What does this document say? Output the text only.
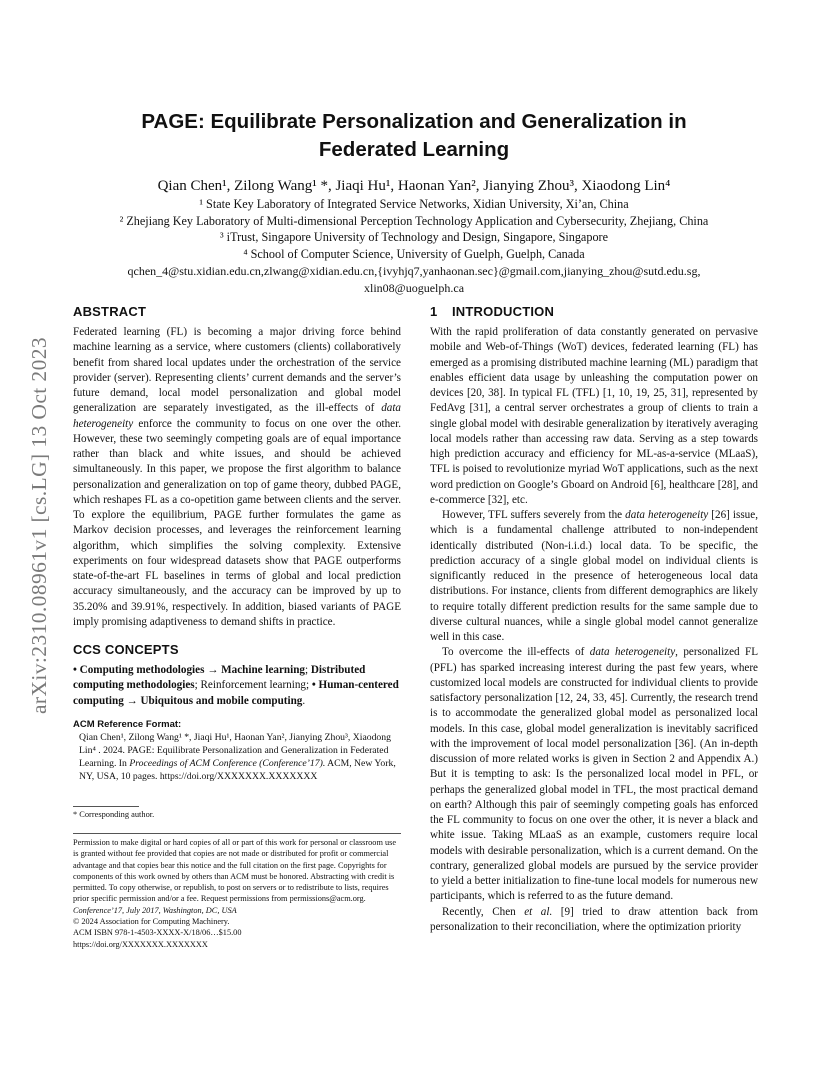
arXiv:2310.08961v1 [cs.LG] 13 Oct 2023
PAGE: Equilibrate Personalization and Generalization in
Federated Learning
Qian Chen¹, Zilong Wang¹ *, Jiaqi Hu¹, Haonan Yan², Jianying Zhou³, Xiaodong Lin⁴
¹ State Key Laboratory of Integrated Service Networks, Xidian University, Xi’an, China
² Zhejiang Key Laboratory of Multi-dimensional Perception Technology Application and Cybersecurity, Zhejiang, China
³ iTrust, Singapore University of Technology and Design, Singapore, Singapore
⁴ School of Computer Science, University of Guelph, Guelph, Canada
qchen_4@stu.xidian.edu.cn,zlwang@xidian.edu.cn,{ivyhjq7,yanhaonan.sec}@gmail.com,jianying_zhou@sutd.edu.sg,
xlin08@uoguelph.ca
ABSTRACT

Federated learning (FL) is becoming a major driving force behind machine learning as a service, where customers (clients) collaboratively benefit from shared local updates under the orchestration of the service provider (server). Representing clients’ current demands and the server’s future demand, local model personalization and global model generalization are separately investigated, as the ill-effects of data heterogeneity enforce the community to focus on one over the other. However, these two seemingly competing goals are of equal importance rather than black and white issues, and should be achieved simultaneously. In this paper, we propose the first algorithm to balance personalization and generalization on top of game theory, dubbed PAGE, which reshapes FL as a co-opetition game between clients and the server. To explore the equilibrium, PAGE further formulates the game as Markov decision processes, and leverages the reinforcement learning algorithm, which simplifies the solving complexity. Extensive experiments on four widespread datasets show that PAGE outperforms state-of-the-art FL baselines in terms of global and local prediction accuracy simultaneously, and the accuracy can be improved by up to 35.20% and 39.91%, respectively. In addition, biased variants of PAGE imply promising adaptiveness to demand shifts in practice.

CCS CONCEPTS

• Computing methodologies → Machine learning; Distributed computing methodologies; Reinforcement learning; • Human-centered computing → Ubiquitous and mobile computing.

ACM Reference Format:
Qian Chen¹, Zilong Wang¹ *, Jiaqi Hu¹, Haonan Yan², Jianying Zhou³, Xiaodong Lin⁴ . 2024. PAGE: Equilibrate Personalization and Generalization in Federated Learning. In Proceedings of ACM Conference (Conference’17). ACM, New York, NY, USA, 10 pages. https://doi.org/XXXXXXX.XXXXXXX
* Corresponding author.
Permission to make digital or hard copies of all or part of this work for personal or classroom use is granted without fee provided that copies are not made or distributed for profit or commercial advantage and that copies bear this notice and the full citation on the first page. Copyrights for components of this work owned by others than ACM must be honored. Abstracting with credit is permitted. To copy otherwise, or republish, to post on servers or to redistribute to lists, requires prior specific permission and/or a fee. Request permissions from permissions@acm.org.
Conference’17, July 2017, Washington, DC, USA
© 2024 Association for Computing Machinery.
ACM ISBN 978-1-4503-XXXX-X/18/06…$15.00
https://doi.org/XXXXXXX.XXXXXXX
1 INTRODUCTION

With the rapid proliferation of data constantly generated on pervasive mobile and Web-of-Things (WoT) devices, federated learning (FL) has emerged as a promising distributed machine learning (ML) paradigm that enables efficient data usage by unleashing the computation power on devices [20, 38]. In typical FL (TFL) [1, 10, 19, 25, 31], represented by FedAvg [31], a central server orchestrates a group of clients to train a single global model with desirable generalization by iteratively averaging local models rather than accessing raw data. Serving as a step towards high prediction accuracy and efficiency for ML-as-a-service (MLaaS), TFL is poised to revolutionize myriad WoT applications, such as the next word prediction on Google’s Gboard on Android [6], healthcare [28], and e-commerce [32], etc.

However, TFL suffers severely from the data heterogeneity [26] issue, which is a fundamental challenge attributed to non-independent identically distributed (Non-i.i.d.) local data. To be specific, the prediction accuracy of a single global model on individual clients is significantly reduced in the presence of heterogeneous local data distributions. For instance, clients from different demographics are likely to require totally different prediction results for the same sample due to diverse cultural nuances, while a single global model cannot generalize well in this case.

To overcome the ill-effects of data heterogeneity, personalized FL (PFL) has sparked increasing interest during the past few years, where customized local models are constructed for individual clients to provide satisfactory personalization [12, 24, 33, 45]. Currently, the research trend is to accommodate the generalized global model as personalized local models. In this case, global model generalization is inevitably sacrificed with the improvement of local model personalization [36]. (An in-depth discussion of more related works is given in Section 2 and Appendix A.) But it is tempting to ask: Is the personalized local model in PFL, or perhaps the generalized global model in TFL, the most practical demand on earth? Although this pair of seemingly competing goals has enforced the FL community to focus on one over the other, it is never a black and white issue. Taking MLaaS as an example, customers require local models with desirable personalization, which is a current demand. On the contrary, generalized global models are pursued by the service provider to yield a better initialization to fine-tune local models for numerous new participants, which is referred to as the future demand.

Recently, Chen et al. [9] tried to draw attention back from personalization to their reconciliation, where the optimization priority
